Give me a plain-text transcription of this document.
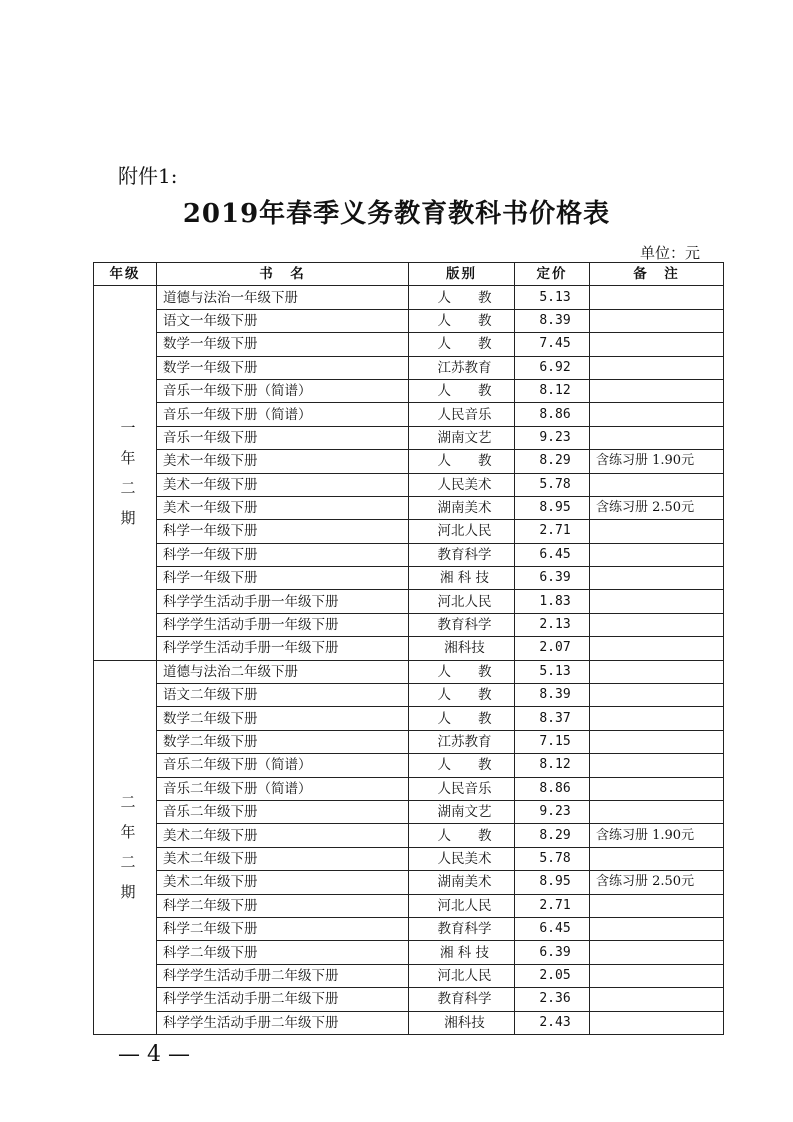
附件1:
2019年春季义务教育教科书价格表
单位：元
年级	书　名	版别	定价	备　注

一年二期	道德与法治一年级下册	人　　教	5.13	
	语文一年级下册	人　　教	8.39	
	数学一年级下册	人　　教	7.45	
	数学一年级下册	江苏教育	6.92	
	音乐一年级下册（简谱）	人　　教	8.12	
	音乐一年级下册（简谱）	人民音乐	8.86	
	音乐一年级下册	湖南文艺	9.23	
	美术一年级下册	人　　教	8.29	含练习册 1.90元
	美术一年级下册	人民美术	5.78	
	美术一年级下册	湖南美术	8.95	含练习册 2.50元
	科学一年级下册	河北人民	2.71	
	科学一年级下册	教育科学	6.45	
	科学一年级下册	湘 科 技	6.39	
	科学学生活动手册一年级下册	河北人民	1.83	
	科学学生活动手册一年级下册	教育科学	2.13	
	科学学生活动手册一年级下册	湘科技	2.07	

二年二期	道德与法治二年级下册	人　　教	5.13	
	语文二年级下册	人　　教	8.39	
	数学二年级下册	人　　教	8.37	
	数学二年级下册	江苏教育	7.15	
	音乐二年级下册（简谱）	人　　教	8.12	
	音乐二年级下册（简谱）	人民音乐	8.86	
	音乐二年级下册	湖南文艺	9.23	
	美术二年级下册	人　　教	8.29	含练习册 1.90元
	美术二年级下册	人民美术	5.78	
	美术二年级下册	湖南美术	8.95	含练习册 2.50元
	科学二年级下册	河北人民	2.71	
	科学二年级下册	教育科学	6.45	
	科学二年级下册	湘 科 技	6.39	
	科学学生活动手册二年级下册	河北人民	2.05	
	科学学生活动手册二年级下册	教育科学	2.36	
	科学学生活动手册二年级下册	湘科技	2.43	
— 4 —
